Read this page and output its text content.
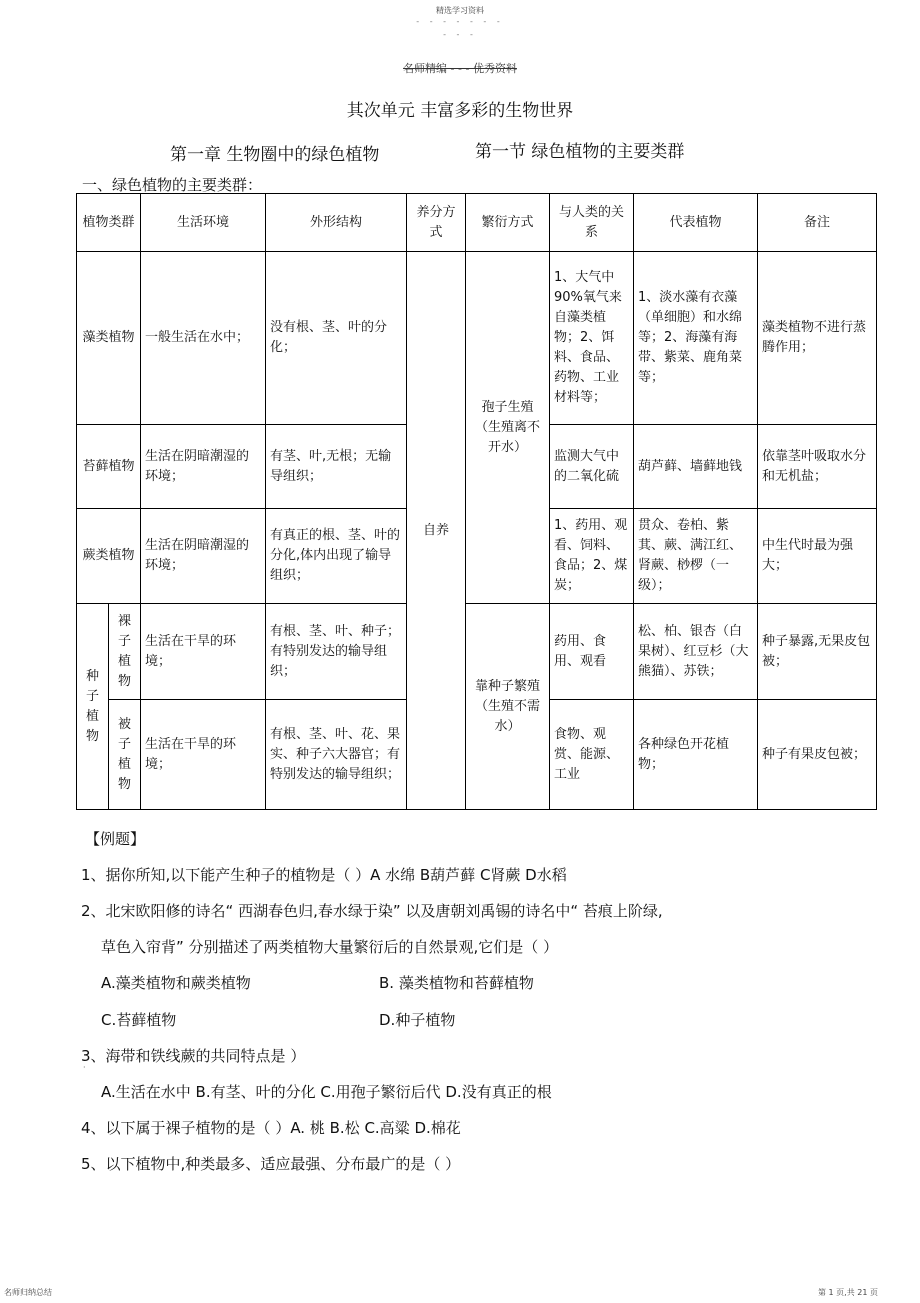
精选学习资料
- - - - - - -
- - -
名师精编 - - - 优秀资料
其次单元 丰富多彩的生物世界
第一章 生物圈中的绿色植物	第一节 绿色植物的主要类群
一、绿色植物的主要类群：
植物类群		生活环境	外形结构	养分方式	繁衍方式	与人类的关系	代表植物	备注
藻类植物		一般生活在水中；	没有根、茎、叶的分化；	自养	孢子生殖（生殖离不开水）	1、大气中90%氧气来自藻类植物；2、饵料、食品、药物、工业材料等；	1、淡水藻有衣藻（单细胞）和水绵等；2、海藻有海带、紫菜、鹿角菜等；	藻类植物不进行蒸腾作用；
苔藓植物		生活在阴暗潮湿的环境；	有茎、叶,无根；无输导组织；			监测大气中的二氧化硫	葫芦藓、墙藓地钱	依靠茎叶吸取水分和无机盐；
蕨类植物		生活在阴暗潮湿的环境；	有真正的根、茎、叶的分化,体内出现了输导组织；			1、药用、观看、饲料、食品；2、煤炭；	贯众、卷柏、紫萁、蕨、满江红、肾蕨、桫椤（一级）；	中生代时最为强大；
种子植物	裸子植物	生活在干旱的环境；	有根、茎、叶、种子；有特别发达的输导组织；		靠种子繁殖（生殖不需水）	药用、食用、观看	松、柏、银杏（白果树）、红豆杉（大熊猫）、苏铁；	种子暴露,无果皮包被；
	被子植物	生活在干旱的环境；	有根、茎、叶、花、果实、种子六大器官；有特别发达的输导组织；			食物、观赏、能源、工业	各种绿色开花植物；	种子有果皮包被；
【例题】
1、据你所知,以下能产生种子的植物是（ ）A 水绵 B葫芦藓 C肾蕨 D水稻
2、北宋欧阳修的诗名“ 西湖春色归,春水绿于染” 以及唐朝刘禹锡的诗名中“ 苔痕上阶绿,
草色入帘背” 分别描述了两类植物大量繁衍后的自然景观,它们是（ ）
A.藻类植物和蕨类植物	B. 藻类植物和苔藓植物
C.苔藓植物	D.种子植物
3、海带和铁线蕨的共同特点是 ）
·
A.生活在水中 B.有茎、叶的分化 C.用孢子繁衍后代 D.没有真正的根
4、以下属于裸子植物的是（ ）A. 桃 B.松 C.高粱 D.棉花
5、以下植物中,种类最多、适应最强、分布最广的是（ ）
名师归纳总结	第 1 页,共 21 页
